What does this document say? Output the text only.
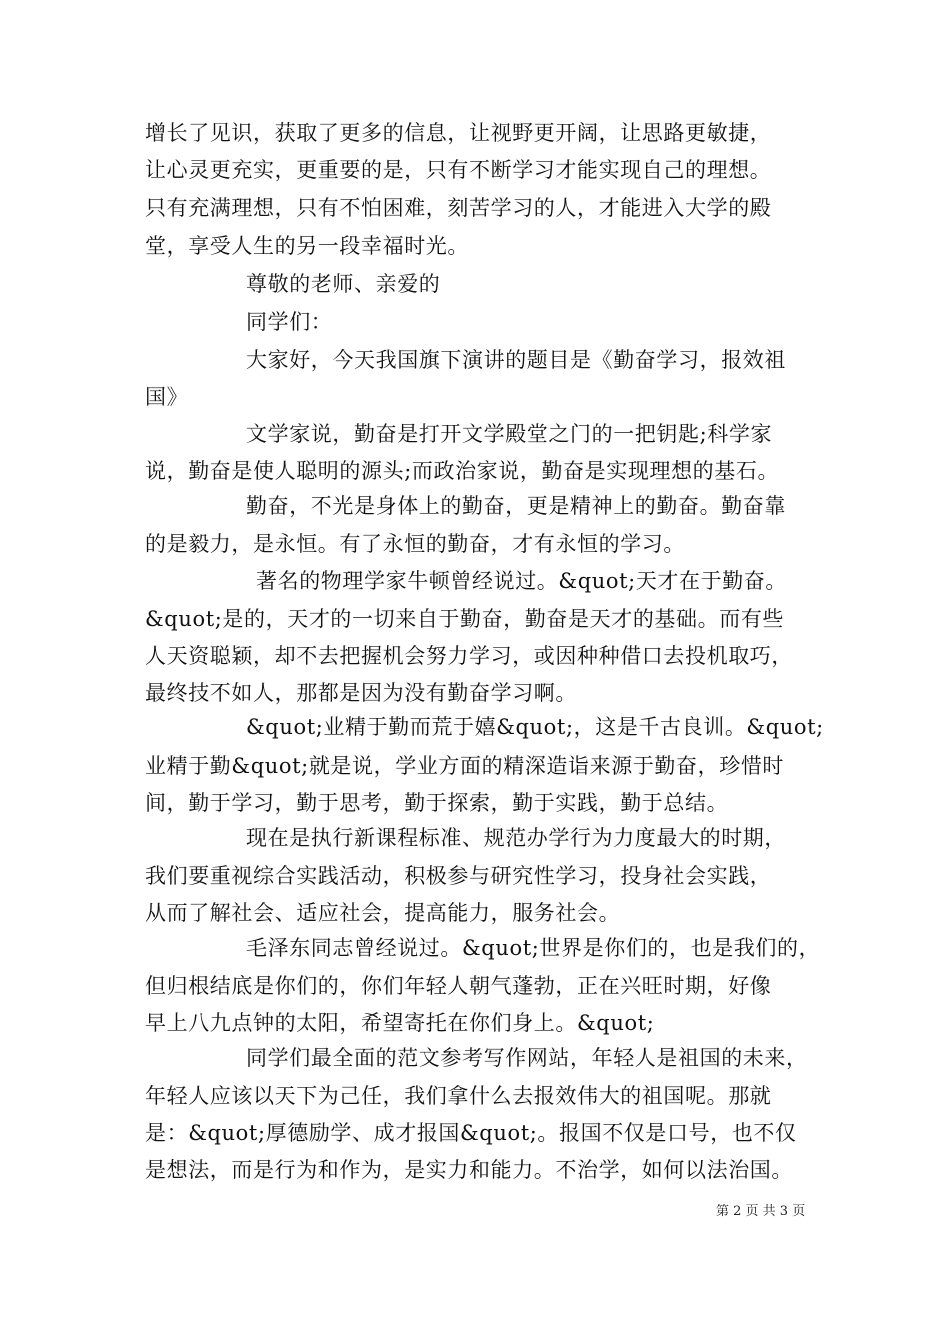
增长了见识，获取了更多的信息，让视野更开阔，让思路更敏捷，
让心灵更充实，更重要的是，只有不断学习才能实现自己的理想。
只有充满理想，只有不怕困难，刻苦学习的人，才能进入大学的殿
堂，享受人生的另一段幸福时光。
尊敬的老师、亲爱的
同学们：
大家好，今天我国旗下演讲的题目是《勤奋学习，报效祖
国》
文学家说，勤奋是打开文学殿堂之门的一把钥匙;科学家
说，勤奋是使人聪明的源头;而政治家说，勤奋是实现理想的基石。
勤奋，不光是身体上的勤奋，更是精神上的勤奋。勤奋靠
的是毅力，是永恒。有了永恒的勤奋，才有永恒的学习。
著名的物理学家牛顿曾经说过。&quot;天才在于勤奋。
&quot;是的，天才的一切来自于勤奋，勤奋是天才的基础。而有些
人天资聪颖，却不去把握机会努力学习，或因种种借口去投机取巧，
最终技不如人，那都是因为没有勤奋学习啊。
&quot;业精于勤而荒于嬉&quot;，这是千古良训。&quot;
业精于勤&quot;就是说，学业方面的精深造诣来源于勤奋，珍惜时
间，勤于学习，勤于思考，勤于探索，勤于实践，勤于总结。
现在是执行新课程标准、规范办学行为力度最大的时期，
我们要重视综合实践活动，积极参与研究性学习，投身社会实践，
从而了解社会、适应社会，提高能力，服务社会。
毛泽东同志曾经说过。&quot;世界是你们的，也是我们的，
但归根结底是你们的，你们年轻人朝气蓬勃，正在兴旺时期，好像
早上八九点钟的太阳，希望寄托在你们身上。&quot;
同学们最全面的范文参考写作网站，年轻人是祖国的未来，
年轻人应该以天下为己任，我们拿什么去报效伟大的祖国呢。那就
是：&quot;厚德励学、成才报国&quot;。报国不仅是口号，也不仅
是想法，而是行为和作为，是实力和能力。不治学，如何以法治国。
第 2 页 共 3 页
